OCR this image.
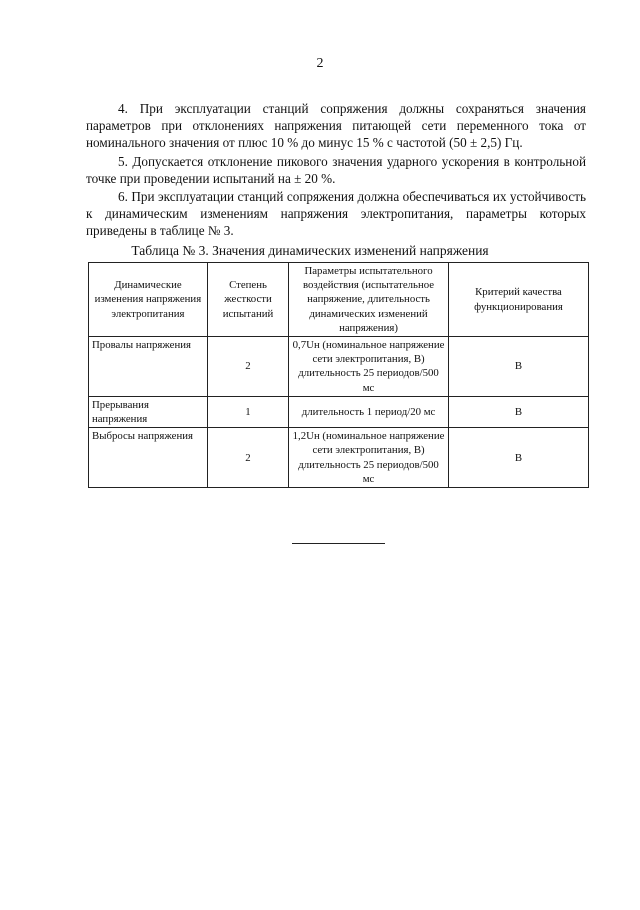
2

4. При эксплуатации станций сопряжения должны сохраняться значения параметров при отклонениях напряжения питающей сети переменного тока от номинального значения от плюс 10 % до минус 15 % с частотой (50 ± 2,5) Гц.

5. Допускается отклонение пикового значения ударного ускорения в контрольной точке при проведении испытаний на ± 20 %.

6. При эксплуатации станций сопряжения должна обеспечиваться их устойчивость к динамическим изменениям напряжения электропитания, параметры которых приведены в таблице № 3.

Таблица № 3. Значения динамических изменений напряжения
Динамические изменения напряжения электропитания	Степень жесткости испытаний	Параметры испытательного воздействия (испытательное напряжение, длительность динамических изменений напряжения)	Критерий качества функционирования
Провалы напряжения	2	0,7Uн (номинальное напряжение сети электропитания, В) длительность 25 периодов/500 мс	В
Прерывания напряжения	1	длительность 1 период/20 мс	В
Выбросы напряжения	2	1,2Uн (номинальное напряжение сети электропитания, В) длительность 25 периодов/500 мс	В
